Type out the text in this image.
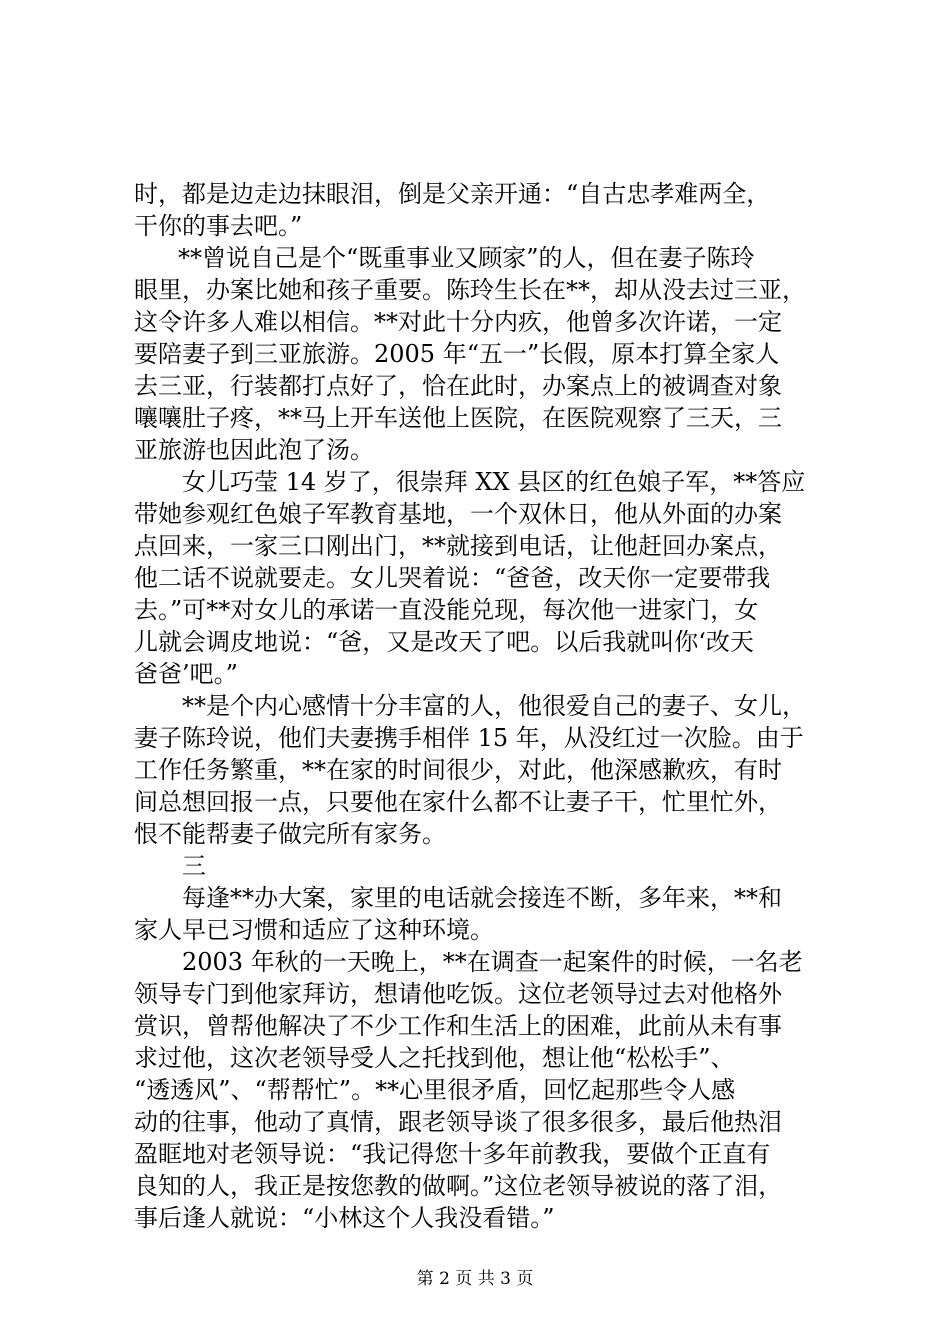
时，都是边走边抹眼泪，倒是父亲开通：“自古忠孝难两全，
干你的事去吧。”
**曾说自己是个“既重事业又顾家”的人，但在妻子陈玲
眼里，办案比她和孩子重要。陈玲生长在**，却从没去过三亚，
这令许多人难以相信。**对此十分内疚，他曾多次许诺，一定
要陪妻子到三亚旅游。2005 年“五一”长假，原本打算全家人
去三亚，行装都打点好了，恰在此时，办案点上的被调查对象
嚷嚷肚子疼，**马上开车送他上医院，在医院观察了三天，三
亚旅游也因此泡了汤。
女儿巧莹 14 岁了，很崇拜 XX 县区的红色娘子军，**答应
带她参观红色娘子军教育基地，一个双休日，他从外面的办案
点回来，一家三口刚出门，**就接到电话，让他赶回办案点，
他二话不说就要走。女儿哭着说：“爸爸，改天你一定要带我
去。”可**对女儿的承诺一直没能兑现，每次他一进家门，女
儿就会调皮地说：“爸，又是改天了吧。以后我就叫你‘改天
爸爸’吧。”
**是个内心感情十分丰富的人，他很爱自己的妻子、女儿，
妻子陈玲说，他们夫妻携手相伴 15 年，从没红过一次脸。由于
工作任务繁重，**在家的时间很少，对此，他深感歉疚，有时
间总想回报一点，只要他在家什么都不让妻子干，忙里忙外，
恨不能帮妻子做完所有家务。
三
每逢**办大案，家里的电话就会接连不断，多年来，**和
家人早已习惯和适应了这种环境。
2003 年秋的一天晚上，**在调查一起案件的时候，一名老
领导专门到他家拜访，想请他吃饭。这位老领导过去对他格外
赏识，曾帮他解决了不少工作和生活上的困难，此前从未有事
求过他，这次老领导受人之托找到他，想让他“松松手”、
“透透风”、“帮帮忙”。**心里很矛盾，回忆起那些令人感
动的往事，他动了真情，跟老领导谈了很多很多，最后他热泪
盈眶地对老领导说：“我记得您十多年前教我，要做个正直有
良知的人，我正是按您教的做啊。”这位老领导被说的落了泪，
事后逢人就说：“小林这个人我没看错。”
第 2 页 共 3 页
